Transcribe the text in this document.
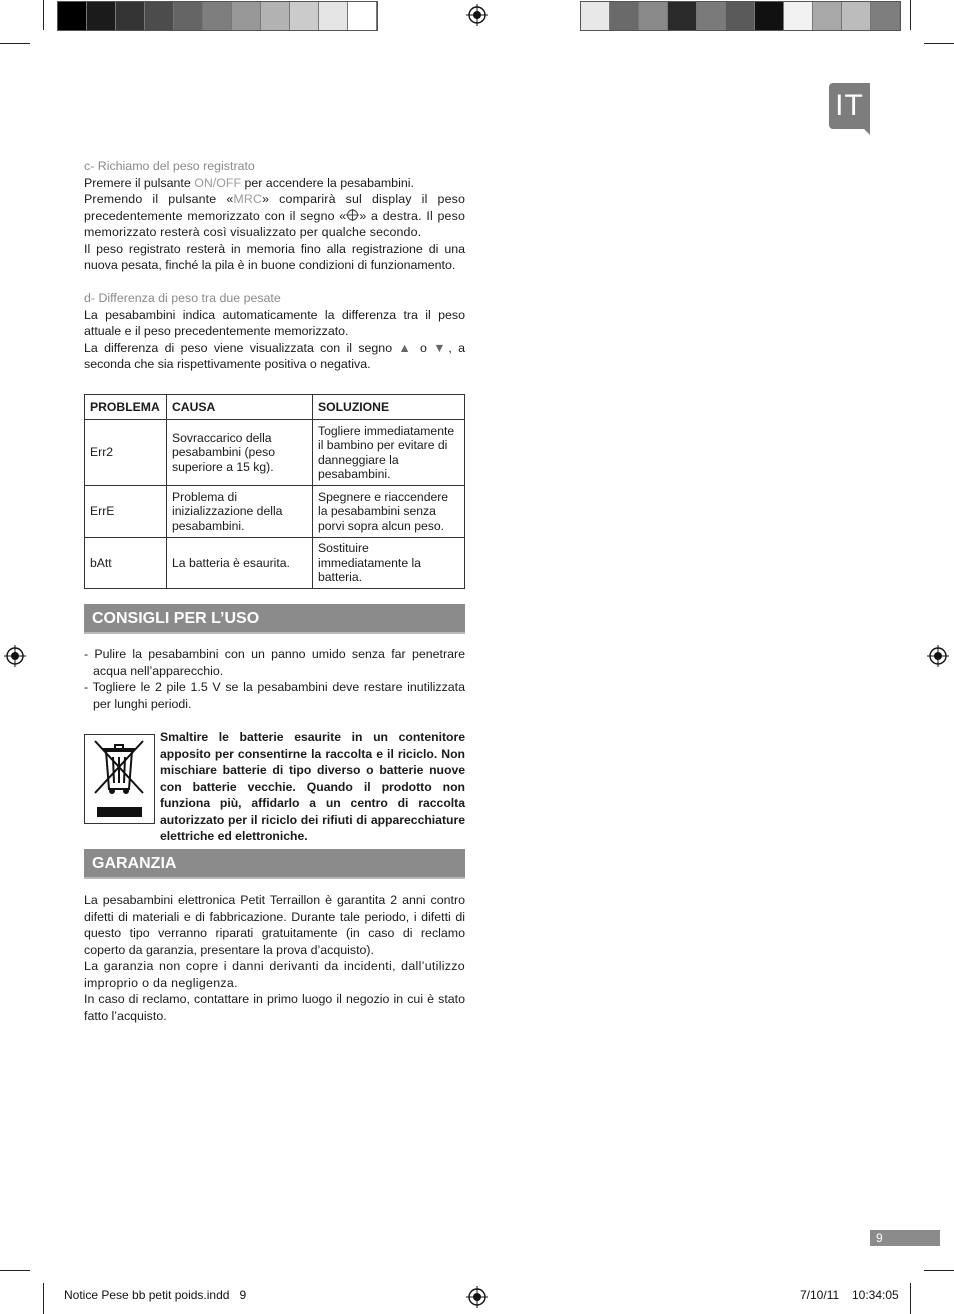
IT

c- Richiamo del peso registrato

Premere il pulsante ON/OFF per accendere la pesabambini.

Premendo il pulsante «MRC» comparirà sul display il peso precedentemente memorizzato con il segno « » a destra. Il peso memorizzato resterà così visualizzato per qualche secondo.

Il peso registrato resterà in memoria fino alla registrazione di una nuova pesata, finché la pila è in buone condizioni di funzionamento.

d- Differenza di peso tra due pesate

La pesabambini indica automaticamente la differenza tra il peso attuale e il peso precedentemente memorizzato.

La differenza di peso viene visualizzata con il segno ▲ o ▼, a seconda che sia rispettivamente positiva o negativa.

PROBLEMA	CAUSA	SOLUZIONE
Err2	Sovraccarico della pesabambini (peso superiore a 15 kg).	Togliere immediatamente il bambino per evitare di danneggiare la pesabambini.
ErrE	Problema di inizializzazione della pesabambini.	Spegnere e riaccendere la pesabambini senza porvi sopra alcun peso.
bAtt	La batteria è esaurita.	Sostituire immediatamente la batteria.
CONSIGLI PER L’USO
- Pulire la pesabambini con un panno umido senza far penetrare acqua nell’apparecchio.
- Togliere le 2 pile 1.5 V se la pesabambini deve restare inutilizzata per lunghi periodi.
Smaltire le batterie esaurite in un contenitore apposito per consentirne la raccolta e il riciclo. Non mischiare batterie di tipo diverso o batterie nuove con batterie vecchie. Quando il prodotto non funziona più, affidarlo a un centro di raccolta autorizzato per il riciclo dei rifiuti di apparecchiature elettriche ed elettroniche.
GARANZIA

La pesabambini elettronica Petit Terraillon è garantita 2 anni contro difetti di materiali e di fabbricazione. Durante tale periodo, i difetti di questo tipo verranno riparati gratuitamente (in caso di reclamo coperto da garanzia, presentare la prova d’acquisto).

La garanzia non copre i danni derivanti da incidenti, dall’utilizzo improprio o da negligenza.

In caso di reclamo, contattare in primo luogo il negozio in cui è stato fatto l’acquisto.

9
Notice Pese bb petit poids.indd   9	7/10/11 10:34:05
